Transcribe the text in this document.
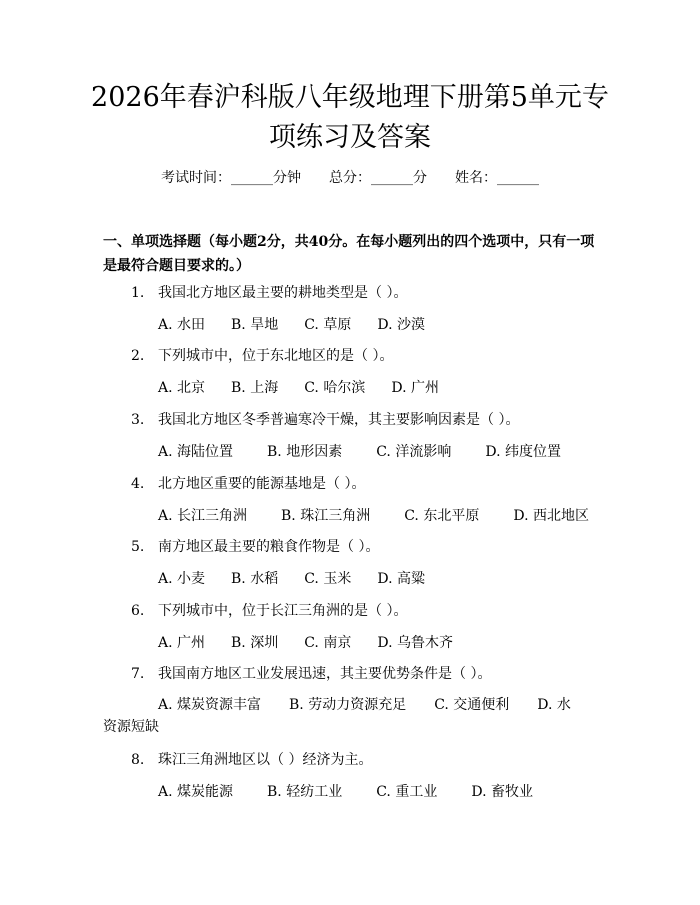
2026年春沪科版八年级地理下册第5单元专
项练习及答案
考试时间：______分钟 总分：______分 姓名：______
一、单项选择题（每小题2分，共40分。在每小题列出的四个选项中，只有一项是最符合题目要求的。）
1. 我国北方地区最主要的耕地类型是（ ）。
A. 水田 B. 旱地 C. 草原 D. 沙漠
2. 下列城市中，位于东北地区的是（ ）。
A. 北京 B. 上海 C. 哈尔滨 D. 广州
3. 我国北方地区冬季普遍寒冷干燥，其主要影响因素是（ ）。
A. 海陆位置 B. 地形因素 C. 洋流影响 D. 纬度位置
4. 北方地区重要的能源基地是（ ）。
A. 长江三角洲 B. 珠江三角洲 C. 东北平原 D. 西北地区
5. 南方地区最主要的粮食作物是（ ）。
A. 小麦 B. 水稻 C. 玉米 D. 高粱
6. 下列城市中，位于长江三角洲的是（ ）。
A. 广州 B. 深圳 C. 南京 D. 乌鲁木齐
7. 我国南方地区工业发展迅速，其主要优势条件是（ ）。
A. 煤炭资源丰富　　B. 劳动力资源充足　　C. 交通便利　　D. 水
资源短缺
8. 珠江三角洲地区以（ ）经济为主。
A. 煤炭能源 B. 轻纺工业 C. 重工业 D. 畜牧业
